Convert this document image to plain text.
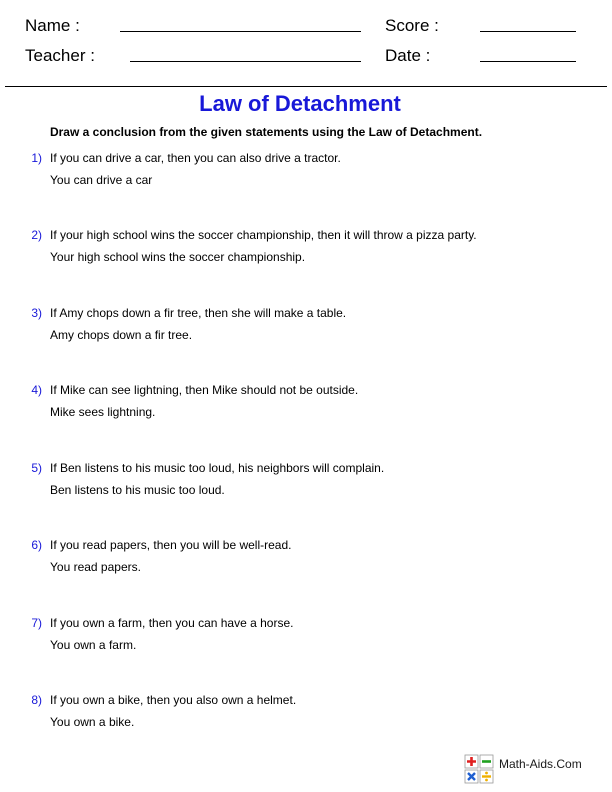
Name :	Score :
Teacher :	Date :
Law of Detachment
Draw a conclusion from the given statements using the Law of Detachment.
1) If you can drive a car, then you can also drive a tractor.
You can drive a car
2) If your high school wins the soccer championship, then it will throw a pizza party.
Your high school wins the soccer championship.
3) If Amy chops down a fir tree, then she will make a table.
Amy chops down a fir tree.
4) If Mike can see lightning, then Mike should not be outside.
Mike sees lightning.
5) If Ben listens to his music too loud, his neighbors will complain.
Ben listens to his music too loud.
6) If you read papers, then you will be well-read.
You read papers.
7) If you own a farm, then you can have a horse.
You own a farm.
8) If you own a bike, then you also own a helmet.
You own a bike.
Math-Aids.Com
